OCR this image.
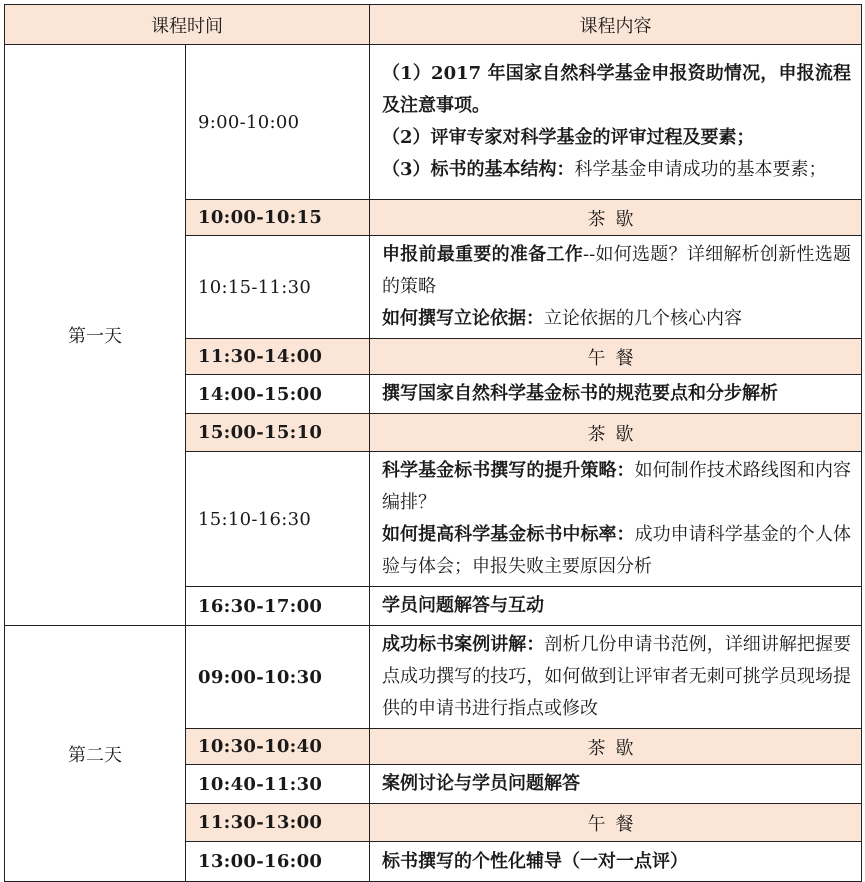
课程时间		课程内容
第一天	9:00-10:00	（1）2017 年国家自然科学基金申报资助情况，申报流程及注意事项。
（2）评审专家对科学基金的评审过程及要素；
（3）标书的基本结构：科学基金申请成功的基本要素；

	10:00-10:15	茶歇
	10:15-11:30	申报前最重要的准备工作--如何选题？详细解析创新性选题的策略
如何撰写立论依据：立论依据的几个核心内容

	11:30-14:00	午餐
	14:00-15:00	撰写国家自然科学基金标书的规范要点和分步解析

	15:00-15:10	茶歇
	15:10-16:30	科学基金标书撰写的提升策略：如何制作技术路线图和内容编排？
如何提高科学基金标书中标率：成功申请科学基金的个人体验与体会；申报失败主要原因分析

	16:30-17:00	学员问题解答与互动

第二天	09:00-10:30	成功标书案例讲解：剖析几份申请书范例，详细讲解把握要点成功撰写的技巧，如何做到让评审者无刺可挑学员现场提供的申请书进行指点或修改

	10:30-10:40	茶歇
	10:40-11:30	案例讨论与学员问题解答

	11:30-13:00	午餐
	13:00-16:00	标书撰写的个性化辅导（一对一点评）
